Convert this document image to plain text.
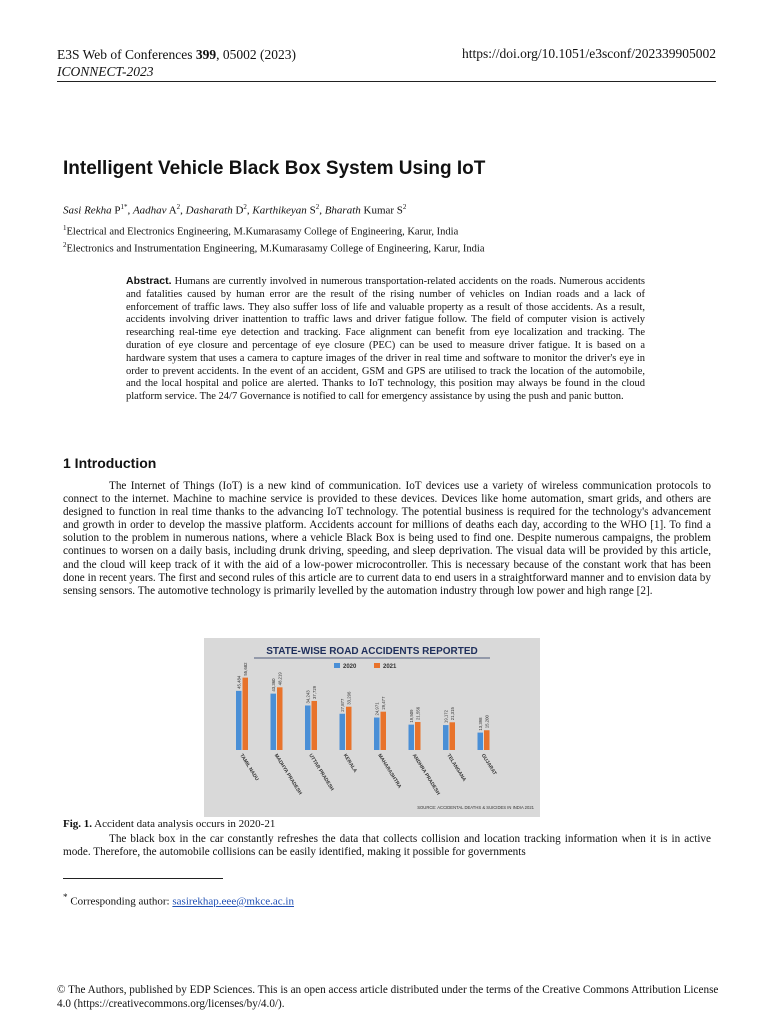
E3S Web of Conferences 399, 05002 (2023)
ICONNECT-2023
https://doi.org/10.1051/e3sconf/202339905002
Intelligent Vehicle Black Box System Using IoT
Sasi Rekha $P^{1*}$, Aadhav $A^2$, Dasharath $D^2$, Karthikeyan $S^2$, Bharath Kumar $S^2$
$^1$Electrical and Electronics Engineering, M.Kumarasamy College of Engineering, Karur, India
$^2$Electronics and Instrumentation Engineering, M.Kumarasamy College of Engineering, Karur, India
Abstract. Humans are currently involved in numerous transportation-related accidents on the roads. Numerous accidents and fatalities caused by human error are the result of the rising number of vehicles on Indian roads and a lack of enforcement of traffic laws. They also suffer loss of life and valuable property as a result of those accidents. As a result, accidents involving driver inattention to traffic laws and driver fatigue follow. The field of computer vision is actively researching real-time eye detection and tracking. Face alignment can benefit from eye localization and tracking. The duration of eye closure and percentage of eye closure (PEC) can be used to measure driver fatigue. It is based on a hardware system that uses a camera to capture images of the driver in real time and software to monitor the driver's eye in order to prevent accidents. In the event of an accident, GSM and GPS are utilised to track the location of the automobile, and the local hospital and police are alerted. Thanks to IoT technology, this position may always be found in the cloud platform service. The 24/7 Governance is notified to call for emergency assistance by using the push and panic button.
1 Introduction
The Internet of Things (IoT) is a new kind of communication. IoT devices use a variety of wireless communication protocols to connect to the internet. Machine to machine service is provided to these devices. Devices like home automation, smart grids, and others are designed to function in real time thanks to the advancing IoT technology. The potential business is required for the technology's advancement and growth in order to develop the massive platform. Accidents account for millions of deaths each day, according to the WHO [1]. To find a solution to the problem in numerous nations, where a vehicle Black Box is being used to find one. Despite numerous campaigns, the problem continues to worsen on a daily basis, including drunk driving, speeding, and sleep deprivation. The visual data will be provided by this article, and the cloud will keep track of it with the aid of a low-power microcontroller. This is necessary because of the constant work that has been done in recent years. The first and second rules of this article are to current data to end users in a straightforward manner and to envision data by sensing sensors. The automotive technology is primarily levelled by the automation industry through low power and high range [2].
STATE-WISE ROAD ACCIDENTS REPORTED
2020	2021
45,484
55,682
TAMIL NADU
43,360 48,219
MADHYA PRADESH
34,243 37,729
UTTAR PRADESH
27,877
33,296
KERALA
24,971 29,477
MAHARASHTRA
19,509 21,556
ANDHRA PRADESH
19,172 21,315
TELANGANA
13,398 15,200
GUJARAT
SOURCE: ACCIDENTAL DEATHS & SUICIDES IN INDIA 2021
Fig. 1. Accident data analysis occurs in 2020-21
The black box in the car constantly refreshes the data that collects collision and location tracking information when it is in active mode. Therefore, the automobile collisions can be easily identified, making it possible for governments
* Corresponding author: sasirekhap.eee@mkce.ac.in
© The Authors, published by EDP Sciences. This is an open access article distributed under the terms of the Creative Commons Attribution License 4.0 (https://creativecommons.org/licenses/by/4.0/).
